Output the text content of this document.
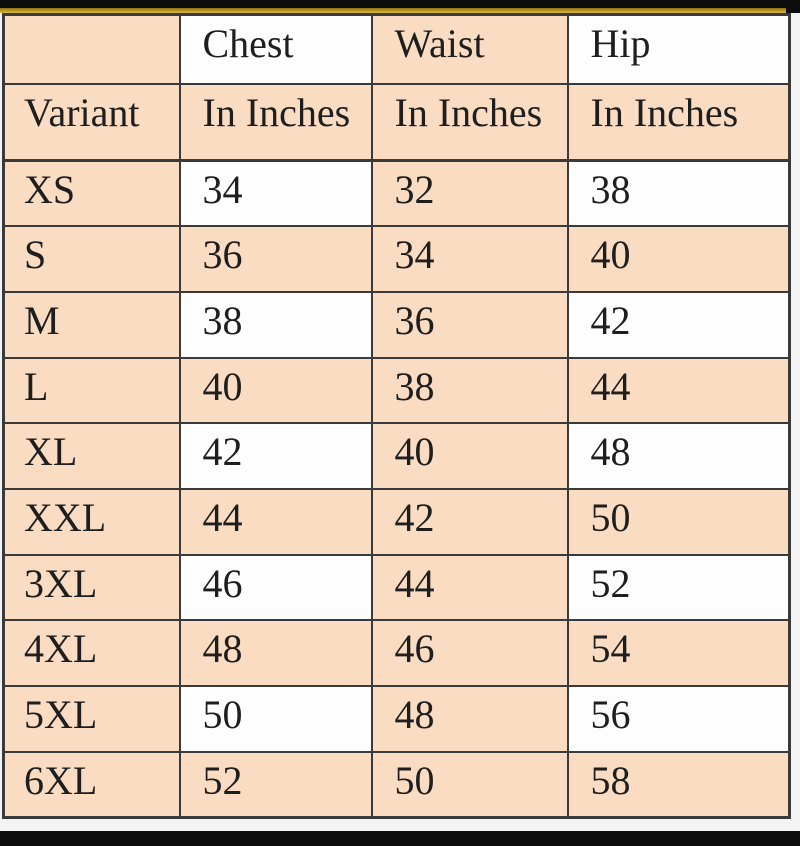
	Chest	Waist	Hip
Variant	In Inches	In Inches	In Inches
XS	34	32	38
S	36	34	40
M	38	36	42
L	40	38	44
XL	42	40	48
XXL	44	42	50
3XL	46	44	52
4XL	48	46	54
5XL	50	48	56
6XL	52	50	58
